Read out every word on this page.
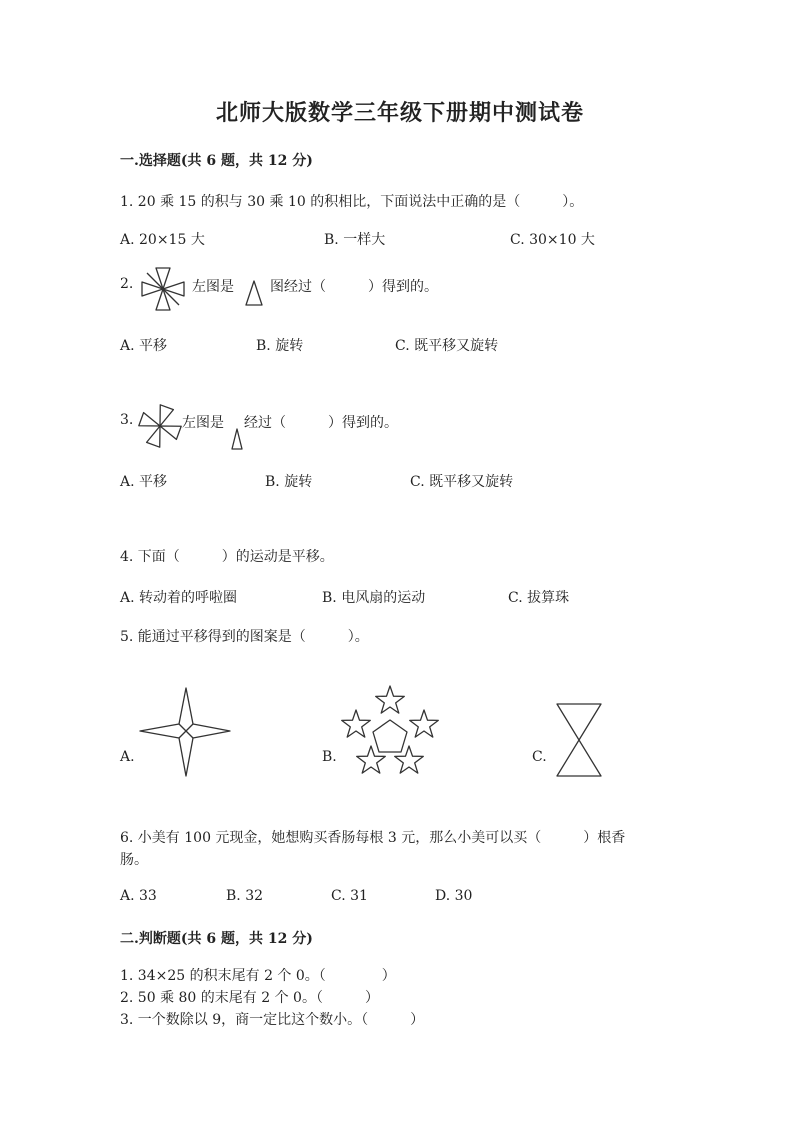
北师大版数学三年级下册期中测试卷
一.选择题(共 6 题，共 12 分)
1. 20 乘 15 的积与 30 乘 10 的积相比，下面说法中正确的是（　　　）。
A. 20×15 大	B. 一样大	C. 30×10 大
2.	左图是	图经过（　　　）得到的。
A. 平移	B. 旋转	C. 既平移又旋转
3.	左图是 经过（　　　）得到的。
A. 平移	B. 旋转	C. 既平移又旋转
4. 下面（　　　）的运动是平移。
A. 转动着的呼啦圈	B. 电风扇的运动	C. 拔算珠
5. 能通过平移得到的图案是（　　　）。
A.	B.	C.
6. 小美有 100 元现金，她想购买香肠每根 3 元，那么小美可以买（　　　）根香
肠。
A. 33	B. 32	C. 31	D. 30
二.判断题(共 6 题，共 12 分)
1. 34×25 的积末尾有 2 个 0。（　　　　）
2. 50 乘 80 的末尾有 2 个 0。（　　　）
3. 一个数除以 9，商一定比这个数小。（　　　）
